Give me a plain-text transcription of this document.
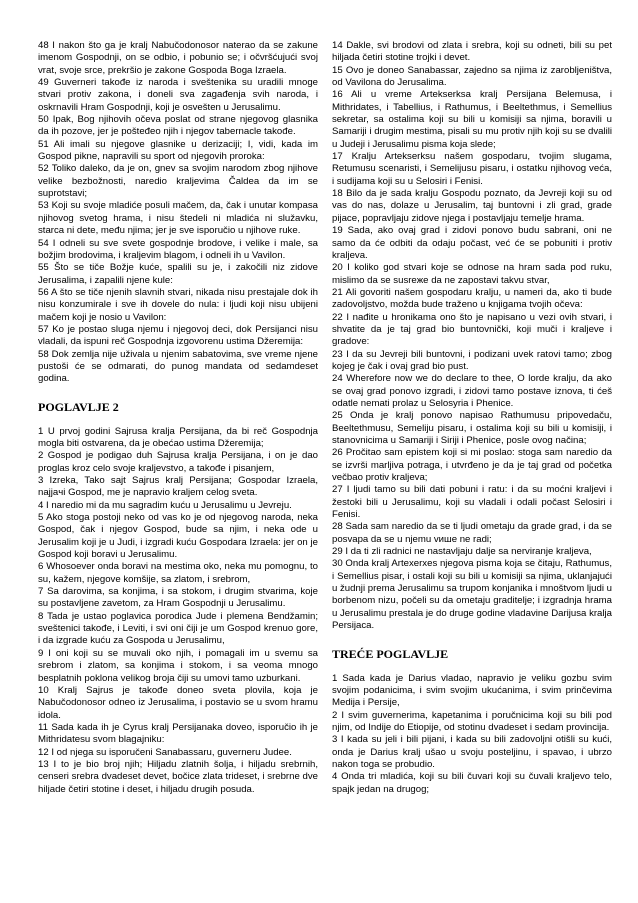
48 I nakon što ga je kralj Nabučodonosor naterao da se zakune imenom Gospodnji, on se odbio, i pobunio se; i očvršćujući svoj vrat, svoje srce, prekršio je zakone Gospoda Boga Izraela.

49 Guverneri takođe iz naroda i sveštenika su uradili mnoge stvari protiv zakona, i doneli sva zagađenja svih naroda, i oskrnavili Hram Gospodnji, koji je osvešten u Jerusalimu.

50 Ipak, Bog njihovih očeva poslat od strane njegovog glasnika da ih pozove, jer je pošteđeo njih i njegov tabernacle takođe.

51 Ali imali su njegove glasnike u derizaciji; I, vidi, kada im Gospod pikne, napravili su sport od njegovih proroka:

52 Toliko daleko, da je on, gnev sa svojim narodom zbog njihove velike bezbožnosti, naredio kraljevima Čaldea da im se suprotstavi;

53 Koji su svoje mladiće posuli mačem, da, čak i unutar kompasa njihovog svetog hrama, i nisu štedeli ni mladića ni služavku, starca ni dete, među njima; jer je sve isporučio u njihove ruke.

54 I odneli su sve svete gospodnje brodove, i velike i male, sa božjim brodovima, i kraljevim blagom, i odneli ih u Vavilon.

55 Što se tiče Božje kuće, spalili su je, i zakočili niz zidove Jerusalima, i zapalili njene kule:

56 A što se tiče njenih slavnih stvari, nikada nisu prestajale dok ih nisu konzumirale i sve ih dovele do nula: i ljudi koji nisu ubijeni mačem koji je nosio u Vavilon:

57 Ko je postao sluga njemu i njegovoj deci, dok Persijanci nisu vladali, da ispuni reč Gospodnja izgovorenu ustima Džeremija:

58 Dok zemlja nije uživala u njenim sabatovima, sve vreme njene pustoši će se odmarati, do punog mandata od sedamdeset godina.

POGLAVLJE 2

1 U prvoj godini Sajrusa kralja Persijana, da bi reč Gospodnja mogla biti ostvarena, da je obećao ustima Džeremija;

2 Gospod je podigao duh Sajrusa kralja Persijana, i on je dao proglas kroz celo svoje kraljevstvo, a takođe i pisanjem,

3 Izreka, Tako sajt Sajrus kralj Persijana; Gospodar Izraela, najjaчi Gospod, me je napravio kraljem celog sveta.

4 I naredio mi da mu sagradim kuću u Jerusalimu u Jevreju.

5 Ako stoga postoji neko od vas ko je od njegovog naroda, neka Gospod, čak i njegov Gospod, bude sa njim, i neka ode u Jerusalim koji je u Judi, i izgradi kuću Gospodara Izraela: jer on je Gospod koji boravi u Jerusalimu.

6 Whosoever onda boravi na mestima oko, neka mu pomognu, to su, kažem, njegove komšije, sa zlatom, i srebrom,

7 Sa darovima, sa konjima, i sa stokom, i drugim stvarima, koje su postavljene zavetom, za Hram Gospodnji u Jerusalimu.

8 Tada je ustao poglavica porodica Jude i plemena Bendžamin; sveštenici takođe, i Leviti, i svi oni čiji je um Gospod krenuo gore, i da izgrade kuću za Gospoda u Jerusalimu,

9 I oni koji su se muvali oko njih, i pomagali im u svemu sa srebrom i zlatom, sa konjima i stokom, i sa veoma mnogo besplatnih poklona velikog broja čiji su umovi tamo uzburkani.

10 Kralj Sajrus je takođe doneo sveta plovila, koja je Nabučodonosor odneo iz Jerusalima, i postavio se u svom hramu idola.

11 Sada kada ih je Cyrus kralj Persijanaka doveo, isporučio ih je Mithridatesu svom blagajniku:

12 I od njega su isporučeni Sanabassaru, guverneru Judee.

13 I to je bio broj njih; Hiljadu zlatnih šolja, i hiljadu srebrnih, censeri srebra dvadeset devet, bočice zlata trideset, i srebrne dve hiljade četiri stotine i deset, i hiljadu drugih posuda.

14 Dakle, svi brodovi od zlata i srebra, koji su odneti, bili su pet hiljada četiri stotine trojki i devet.

15 Ovo je doneo Sanabassar, zajedno sa njima iz zarobljeništva, od Vavilona do Jerusalima.

16 Ali u vreme Artekserksa kralj Persijana Belemusa, i Mithridates, i Tabellius, i Rathumus, i Beeltethmus, i Semellius sekretar, sa ostalima koji su bili u komisiji sa njima, boravili u Samariji i drugim mestima, pisali su mu protiv njih koji su se dvalili u Judeji i Jerusalimu pisma koja slede;

17 Kralju Artekserksu našem gospodaru, tvojim slugama, Retumusu scenaristi, i Semelijusu pisaru, i ostatku njihovog veća, i sudijama koji su u Selosiri i Fenisi.

18 Bilo da je sada kralju Gospodu poznato, da Jevreji koji su od vas do nas, dolaze u Jerusalim, taj buntovni i zli grad, grade pijace, popravljaju zidove njega i postavljaju temelje hrama.

19 Sada, ako ovaj grad i zidovi ponovo budu sabrani, oni ne samo da će odbiti da odaju počast, već će se pobuniti i protiv kraljeva.

20 I koliko god stvari koje se odnose na hram sada pod ruku, mislimo da se susreже da ne zapostavi takvu stvar,

21 Ali govoriti našem gospodaru kralju, u nameri da, ako ti bude zadovoljstvo, možda bude traženo u knjigama tvojih očeva:

22 I nađite u hronikama ono što je napisano u vezi ovih stvari, i shvatite da je taj grad bio buntovnički, koji muči i kraljeve i gradove:

23 I da su Jevreji bili buntovni, i podizani uvek ratovi tamo; zbog kojeg je čak i ovaj grad bio pust.

24 Wherefore now we do declare to thee, O lorde kralju, da ako se ovaj grad ponovo izgradi, i zidovi tamo postave iznova, ti ćeš odatle nemati prolaz u Selosyria i Phenice.

25 Onda je kralj ponovo napisao Rathumusu pripovedaču, Beeltethmusu, Semeliju pisaru, i ostalima koji su bili u komisiji, i stanovnicima u Samariji i Siriji i Phenice, posle ovog načina;

26 Pročitao sam epistem koji si mi poslao: stoga sam naredio da se izvrši marljiva potraga, i utvrđeno je da je taj grad od početka večbao protiv kraljeva;

27 I ljudi tamo su bili dati pobuni i ratu: i da su moćni kraljevi i žestoki bili u Jerusalimu, koji su vladali i odali počast Selosiri i Fenisi.

28 Sada sam naredio da se ti ljudi ometaju da grade grad, i da se posvapa da se u njemu vише ne radi;

29 I da ti zli radnici ne nastavljaju dalje sa nerviranje kraljeva,

30 Onda kralj Artexerxes njegova pisma koja se čitaju, Rathumus, i Semellius pisar, i ostali koji su bili u komisiji sa njima, uklanjajući u žudnji prema Jerusalimu sa trupom konjanika i mnoštvom ljudi u borbenom nizu, počeli su da ometaju graditelje; i izgradnja hrama u Jerusalimu prestala je do druge godine vladavine Darijusa kralja Persijaca.

TREĆE POGLAVLJE

1 Sada kada je Darius vladao, napravio je veliku gozbu svim svojim podanicima, i svim svojim ukućanima, i svim prinčevima Medija i Persije,

2 I svim guvernerima, kapetanima i poručnicima koji su bili pod njim, od Indije do Etiopije, od stotinu dvadeset i sedam provincija.

3 I kada su jeli i bili pijani, i kada su bili zadovoljni otišli su kući, onda je Darius kralj ušao u svoju posteljinu, i spavao, i ubrzo nakon toga se probudio.

4 Onda tri mladića, koji su bili čuvari koji su čuvali kraljevo telo, spajk jedan na drugog;
